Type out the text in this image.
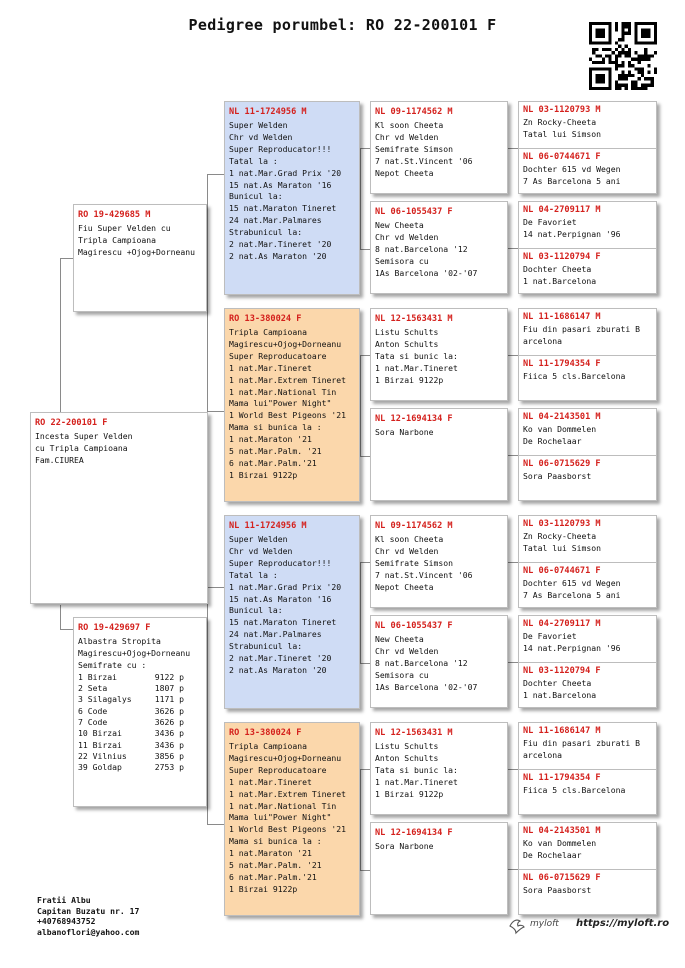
Pedigree porumbel: RO 22-200101 F
RO 22-200101 F
Incesta Super Velden
cu Tripla Campioana
Fam.CIUREA
RO 19-429685 M
Fiu Super Velden cu
Tripla Campioana
Magirescu +Ojog+Dorneanu
RO 19-429697 F
Albastra Stropita
Magirescu+Ojog+Dorneanu
Semifrate cu :
1 Birzai	9122 p
2 Seta	1807 p
3 Silagalys	1171 p
6 Code	3626 p
7 Code	3626 p
10 Birzai	3436 p
11 Birzai	3436 p
22 Vilnius	3856 p
39 Goldap	2753 p
NL 11-1724956 M
Super Welden
Chr vd Welden
Super Reproducator!!!
Tatal la :
1 nat.Mar.Grad Prix '20
15 nat.As Maraton '16
Bunicul la:
15 nat.Maraton Tineret
24 nat.Mar.Palmares
Strabunicul la:
2 nat.Mar.Tineret '20
2 nat.As Maraton '20
RO 13-380024 F
Tripla Campioana
Magirescu+Ojog+Dorneanu
Super Reproducatoare
1 nat.Mar.Tineret
1 nat.Mar.Extrem Tineret
1 nat.Mar.National Tin
Mama lui"Power Night"
1 World Best Pigeons '21
Mama si bunica la :
1 nat.Maraton '21
5 nat.Mar.Palm. '21
6 nat.Mar.Palm.'21
1 Birzai 9122p
NL 11-1724956 M
Super Welden
Chr vd Welden
Super Reproducator!!!
Tatal la :
1 nat.Mar.Grad Prix '20
15 nat.As Maraton '16
Bunicul la:
15 nat.Maraton Tineret
24 nat.Mar.Palmares
Strabunicul la:
2 nat.Mar.Tineret '20
2 nat.As Maraton '20
RO 13-380024 F
Tripla Campioana
Magirescu+Ojog+Dorneanu
Super Reproducatoare
1 nat.Mar.Tineret
1 nat.Mar.Extrem Tineret
1 nat.Mar.National Tin
Mama lui"Power Night"
1 World Best Pigeons '21
Mama si bunica la :
1 nat.Maraton '21
5 nat.Mar.Palm. '21
6 nat.Mar.Palm.'21
1 Birzai 9122p
NL 09-1174562 M
Kl soon Cheeta
Chr vd Welden
Semifrate Simson
7 nat.St.Vincent '06
Nepot Cheeta
NL 06-1055437 F
New Cheeta
Chr vd Welden
8 nat.Barcelona '12
Semisora cu
1As Barcelona '02-'07
NL 12-1563431 M
Listu Schults
Anton Schults
Tata si bunic la:
1 nat.Mar.Tineret
1 Birzai 9122p
NL 12-1694134 F
Sora Narbone
NL 09-1174562 M
Kl soon Cheeta
Chr vd Welden
Semifrate Simson
7 nat.St.Vincent '06
Nepot Cheeta
NL 06-1055437 F
New Cheeta
Chr vd Welden
8 nat.Barcelona '12
Semisora cu
1As Barcelona '02-'07
NL 12-1563431 M
Listu Schults
Anton Schults
Tata si bunic la:
1 nat.Mar.Tineret
1 Birzai 9122p
NL 12-1694134 F
Sora Narbone
NL 03-1120793 M
Zn Rocky-Cheeta
Tatal lui Simson
NL 06-0744671 F
Dochter 615 vd Wegen
7 As Barcelona 5 ani
NL 04-2709117 M
De Favoriet
14 nat.Perpignan '96
NL 03-1120794 F
Dochter Cheeta
1 nat.Barcelona
NL 11-1686147 M
Fiu din pasari zburati B
arcelona
NL 11-1794354 F
Fiica 5 cls.Barcelona
NL 04-2143501 M
Ko van Dommelen
De Rochelaar
NL 06-0715629 F
Sora Paasborst
NL 03-1120793 M
Zn Rocky-Cheeta
Tatal lui Simson
NL 06-0744671 F
Dochter 615 vd Wegen
7 As Barcelona 5 ani
NL 04-2709117 M
De Favoriet
14 nat.Perpignan '96
NL 03-1120794 F
Dochter Cheeta
1 nat.Barcelona
NL 11-1686147 M
Fiu din pasari zburati B
arcelona
NL 11-1794354 F
Fiica 5 cls.Barcelona
NL 04-2143501 M
Ko van Dommelen
De Rochelaar
NL 06-0715629 F
Sora Paasborst
Fratii Albu
Capitan Buzatu nr. 17
+40768943752
albanoflori@yahoo.com
myloft https://myloft.ro
